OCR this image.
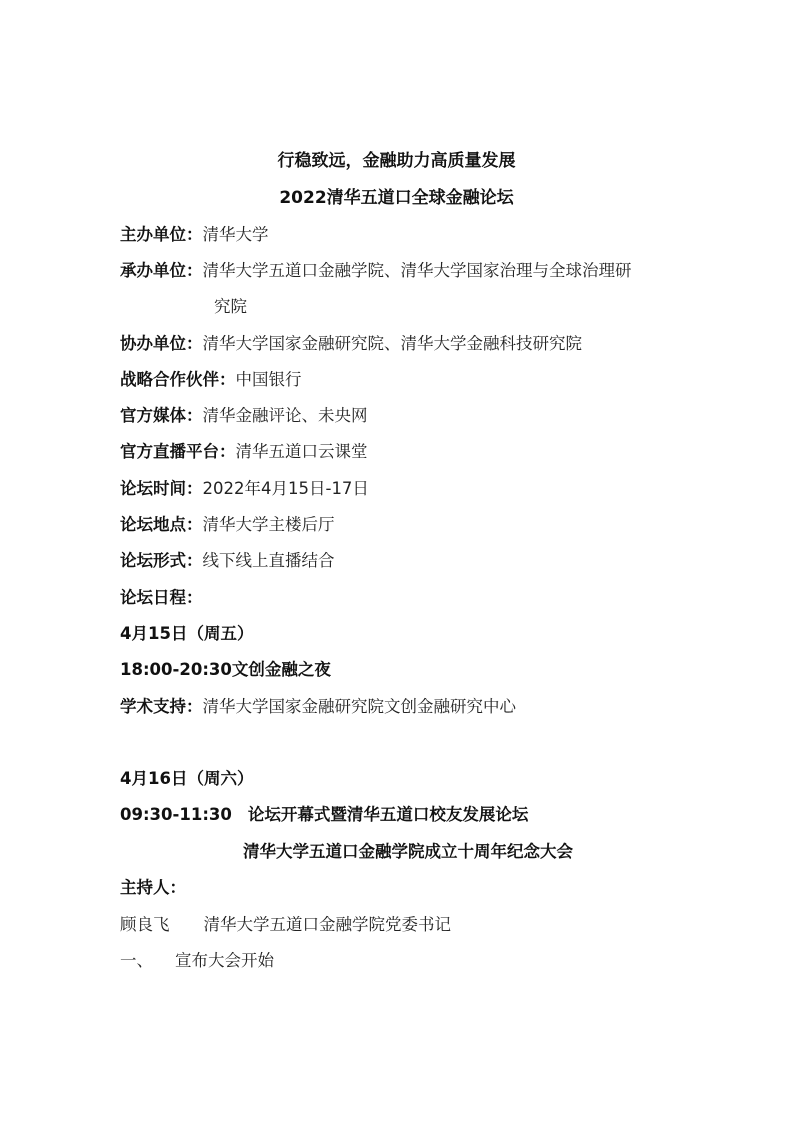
行稳致远，金融助力高质量发展
2022清华五道口全球金融论坛
主办单位：清华大学
承办单位：清华大学五道口金融学院、清华大学国家治理与全球治理研
究院
协办单位：清华大学国家金融研究院、清华大学金融科技研究院
战略合作伙伴：中国银行
官方媒体：清华金融评论、未央网
官方直播平台：清华五道口云课堂
论坛时间：2022年4月15日-17日
论坛地点：清华大学主楼后厅
论坛形式：线下线上直播结合
论坛日程：
4月15日（周五）
18:00-20:30文创金融之夜
学术支持：清华大学国家金融研究院文创金融研究中心
4月16日（周六）
09:30-11:30 论坛开幕式暨清华五道口校友发展论坛
清华大学五道口金融学院成立十周年纪念大会
主持人：
顾良飞 清华大学五道口金融学院党委书记
一、 宣布大会开始
